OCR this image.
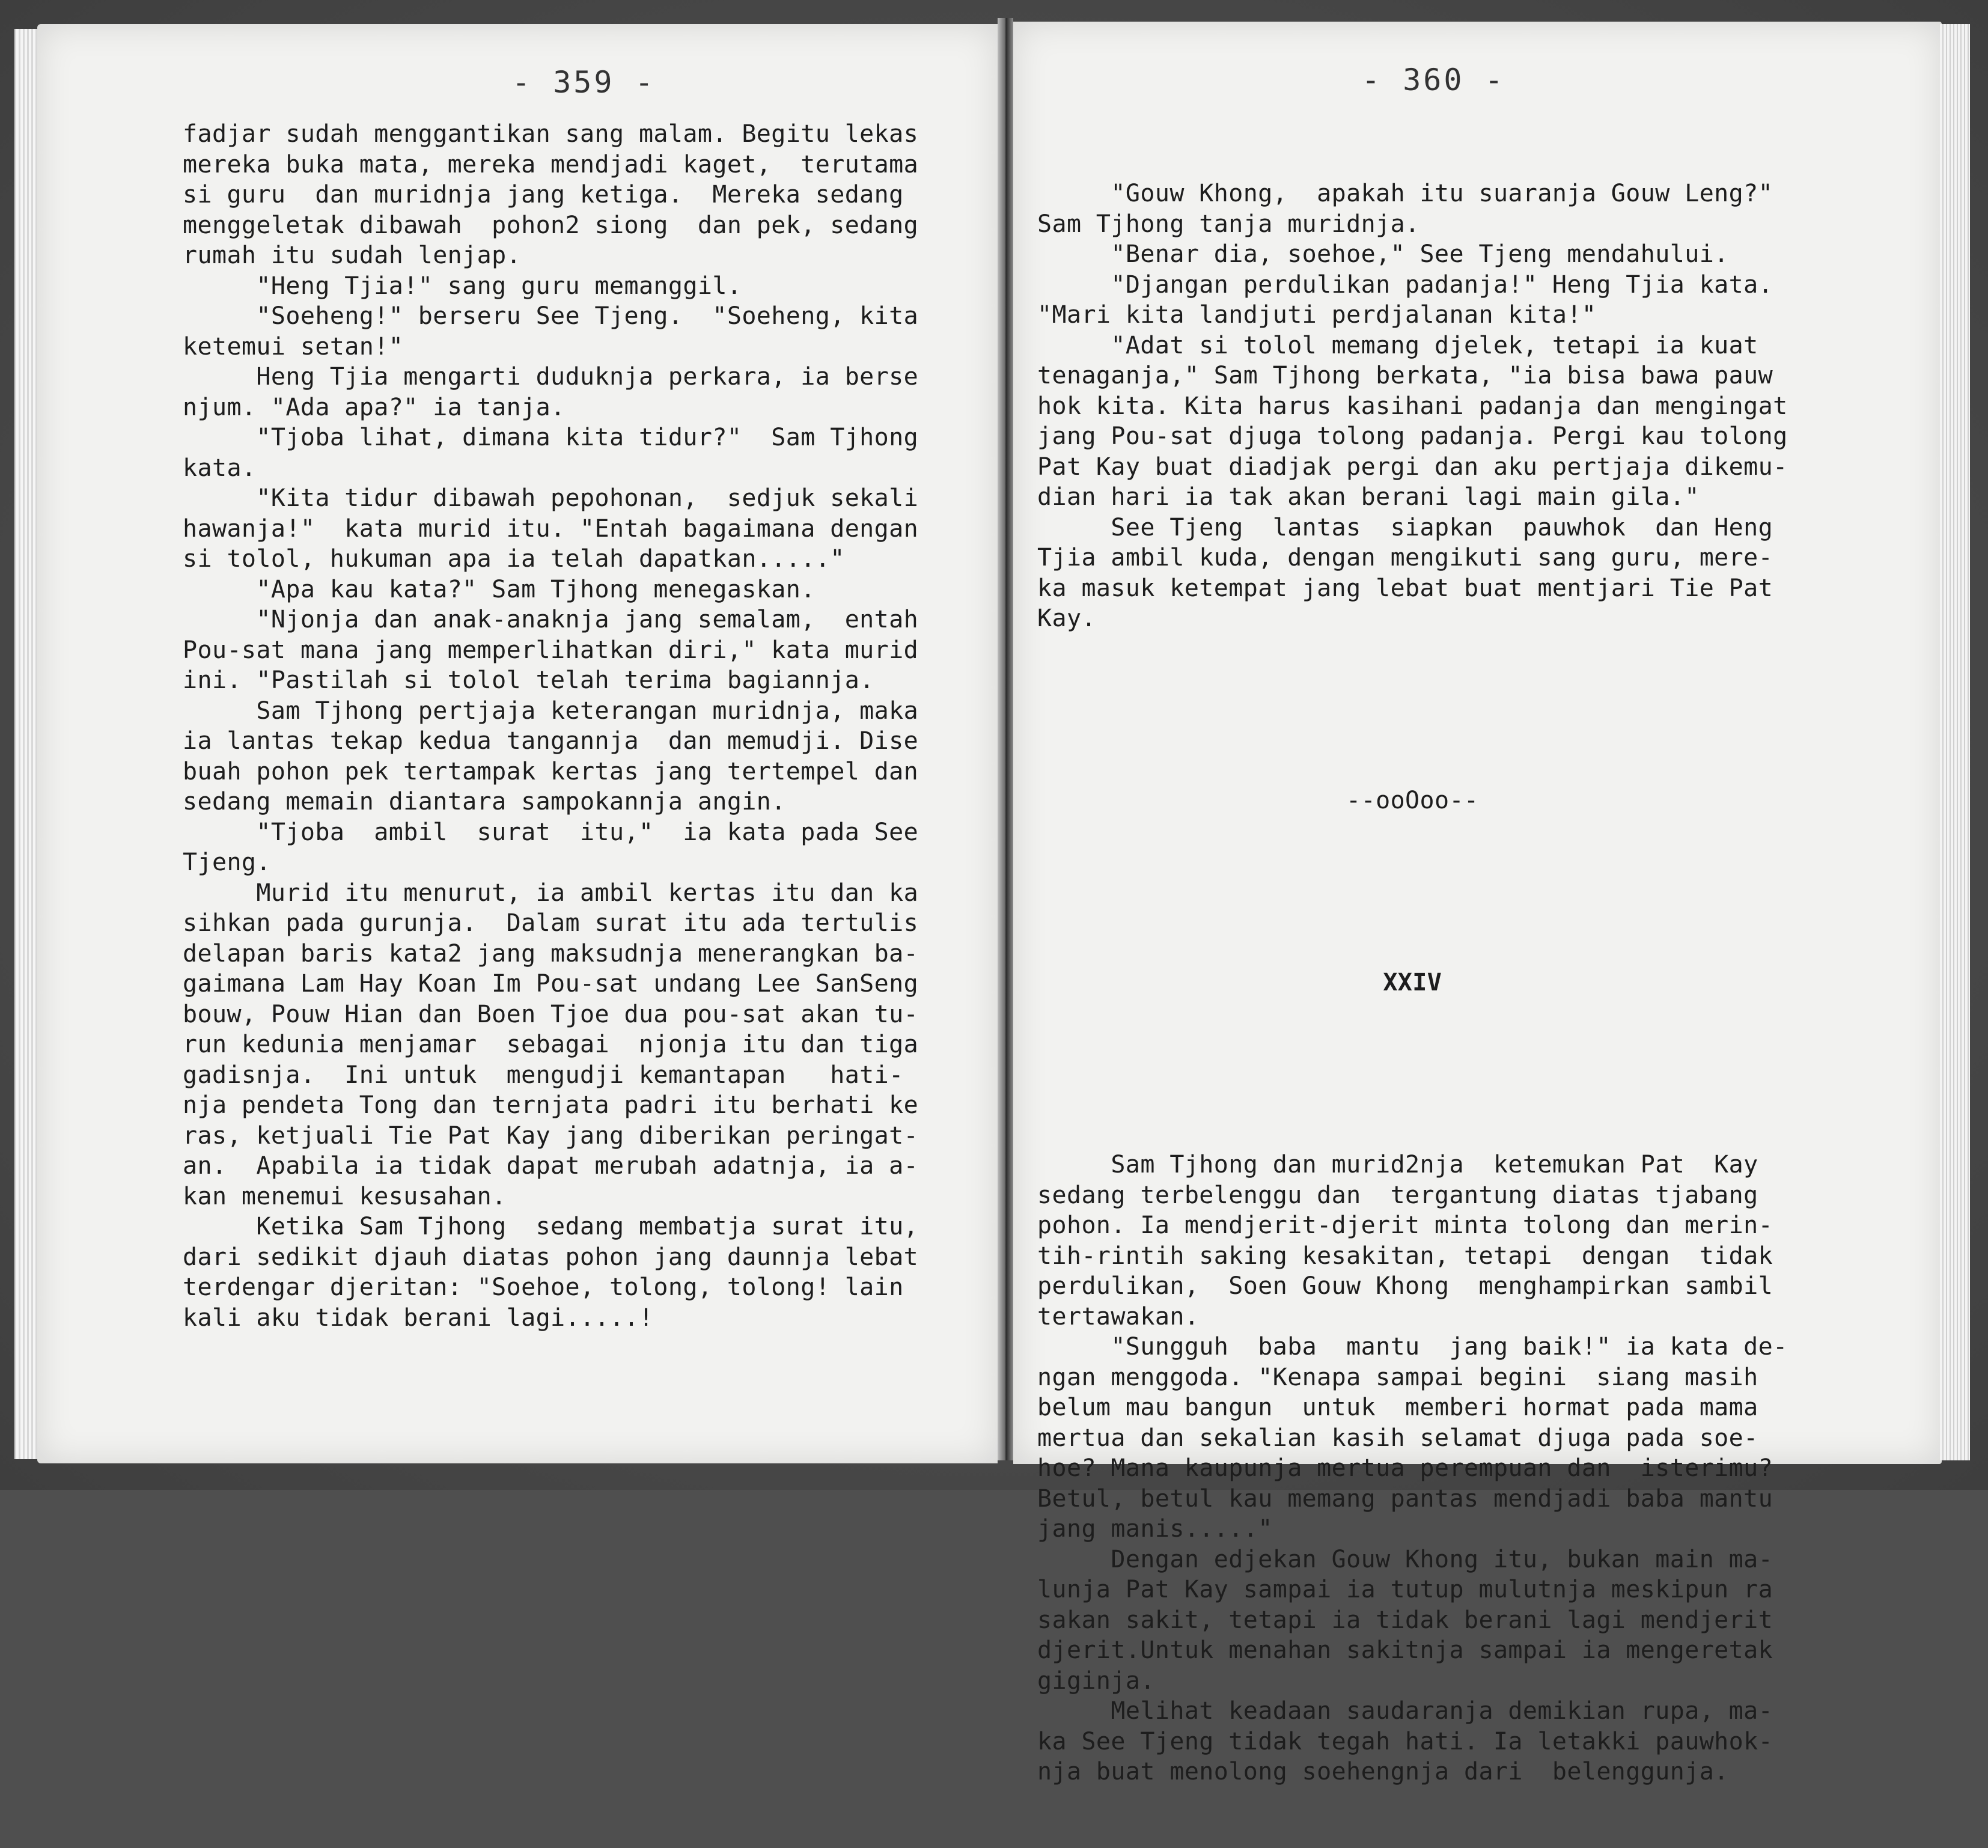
- 359 -
fadjar sudah menggantikan sang malam. Begitu lekas
mereka buka mata, mereka mendjadi kaget,  terutama
si guru  dan muridnja jang ketiga.  Mereka sedang
menggeletak dibawah  pohon2 siong  dan pek, sedang
rumah itu sudah lenjap.
"Heng Tjia!" sang guru memanggil.
"Soeheng!" berseru See Tjeng.  "Soeheng, kita
ketemui setan!"
Heng Tjia mengarti duduknja perkara, ia berse
njum. "Ada apa?" ia tanja.
"Tjoba lihat, dimana kita tidur?"  Sam Tjhong
kata.
"Kita tidur dibawah pepohonan,  sedjuk sekali
hawanja!"  kata murid itu. "Entah bagaimana dengan
si tolol, hukuman apa ia telah dapatkan....."
"Apa kau kata?" Sam Tjhong menegaskan.
"Njonja dan anak-anaknja jang semalam,  entah
Pou-sat mana jang memperlihatkan diri," kata murid
ini. "Pastilah si tolol telah terima bagiannja.
Sam Tjhong pertjaja keterangan muridnja, maka
ia lantas tekap kedua tangannja  dan memudji. Dise
buah pohon pek tertampak kertas jang tertempel dan
sedang memain diantara sampokannja angin.
"Tjoba  ambil  surat  itu,"  ia kata pada See
Tjeng.
Murid itu menurut, ia ambil kertas itu dan ka
sihkan pada gurunja.  Dalam surat itu ada tertulis
delapan baris kata2 jang maksudnja menerangkan ba-
gaimana Lam Hay Koan Im Pou-sat undang Lee SanSeng
bouw, Pouw Hian dan Boen Tjoe dua pou-sat akan tu-
run kedunia menjamar  sebagai  njonja itu dan tiga
gadisnja.  Ini untuk  mengudji kemantapan   hati-
nja pendeta Tong dan ternjata padri itu berhati ke
ras, ketjuali Tie Pat Kay jang diberikan peringat-
an.  Apabila ia tidak dapat merubah adatnja, ia a-
kan menemui kesusahan.
Ketika Sam Tjhong  sedang membatja surat itu,
dari sedikit djauh diatas pohon jang daunnja lebat
terdengar djeritan: "Soehoe, tolong, tolong! lain
kali aku tidak berani lagi.....!
- 360 -

"Gouw Khong,  apakah itu suaranja Gouw Leng?"
Sam Tjhong tanja muridnja.
"Benar dia, soehoe," See Tjeng mendahului.
"Djangan perdulikan padanja!" Heng Tjia kata.
"Mari kita landjuti perdjalanan kita!"
"Adat si tolol memang djelek, tetapi ia kuat
tenaganja," Sam Tjhong berkata, "ia bisa bawa pauw
hok kita. Kita harus kasihani padanja dan mengingat
jang Pou-sat djuga tolong padanja. Pergi kau tolong
Pat Kay buat diadjak pergi dan aku pertjaja dikemu-
dian hari ia tak akan berani lagi main gila."
See Tjeng  lantas  siapkan  pauwhok  dan Heng
Tjia ambil kuda, dengan mengikuti sang guru, mere-
ka masuk ketempat jang lebat buat mentjari Tie Pat
Kay.

--ooOoo--

XXIV

Sam Tjhong dan murid2nja  ketemukan Pat  Kay
sedang terbelenggu dan  tergantung diatas tjabang
pohon. Ia mendjerit-djerit minta tolong dan merin-
tih-rintih saking kesakitan, tetapi  dengan  tidak
perdulikan,  Soen Gouw Khong  menghampirkan sambil
tertawakan.
"Sungguh  baba  mantu  jang baik!" ia kata de-
ngan menggoda. "Kenapa sampai begini  siang masih
belum mau bangun  untuk  memberi hormat pada mama
mertua dan sekalian kasih selamat djuga pada soe-
hoe? Mana kaupunja mertua perempuan dan  isterimu?
Betul, betul kau memang pantas mendjadi baba mantu
jang manis....."
Dengan edjekan Gouw Khong itu, bukan main ma-
lunja Pat Kay sampai ia tutup mulutnja meskipun ra
sakan sakit, tetapi ia tidak berani lagi mendjerit
djerit.Untuk menahan sakitnja sampai ia mengeretak
giginja.
Melihat keadaan saudaranja demikian rupa, ma-
ka See Tjeng tidak tegah hati. Ia letakki pauwhok-
nja buat menolong soehengnja dari  belenggunja.
